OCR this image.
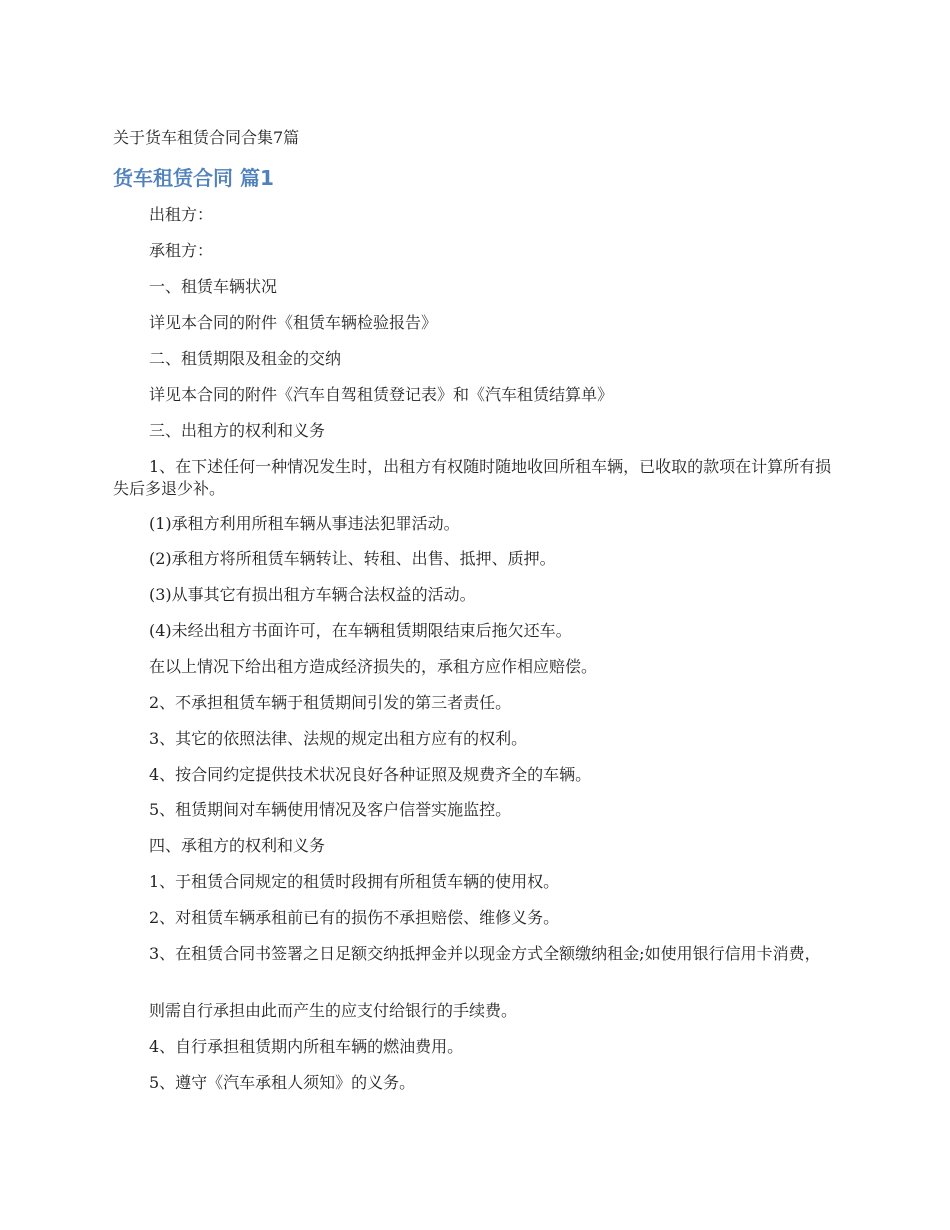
关于货车租赁合同合集7篇
货车租赁合同 篇1

出租方：

承租方：

一、租赁车辆状况

详见本合同的附件《租赁车辆检验报告》

二、租赁期限及租金的交纳

详见本合同的附件《汽车自驾租赁登记表》和《汽车租赁结算单》

三、出租方的权利和义务

1、在下述任何一种情况发生时，出租方有权随时随地收回所租车辆，已收取的款项在计算所有损失后多退少补。

(1)承租方利用所租车辆从事违法犯罪活动。

(2)承租方将所租赁车辆转让、转租、出售、抵押、质押。

(3)从事其它有损出租方车辆合法权益的活动。

(4)未经出租方书面许可，在车辆租赁期限结束后拖欠还车。

在以上情况下给出租方造成经济损失的，承租方应作相应赔偿。

2、不承担租赁车辆于租赁期间引发的第三者责任。

3、其它的依照法律、法规的规定出租方应有的权利。

4、按合同约定提供技术状况良好各种证照及规费齐全的车辆。

5、租赁期间对车辆使用情况及客户信誉实施监控。

四、承租方的权利和义务

1、于租赁合同规定的租赁时段拥有所租赁车辆的使用权。

2、对租赁车辆承租前已有的损伤不承担赔偿、维修义务。

3、在租赁合同书签署之日足额交纳抵押金并以现金方式全额缴纳租金;如使用银行信用卡消费，

则需自行承担由此而产生的应支付给银行的手续费。

4、自行承担租赁期内所租车辆的燃油费用。

5、遵守《汽车承租人须知》的义务。
